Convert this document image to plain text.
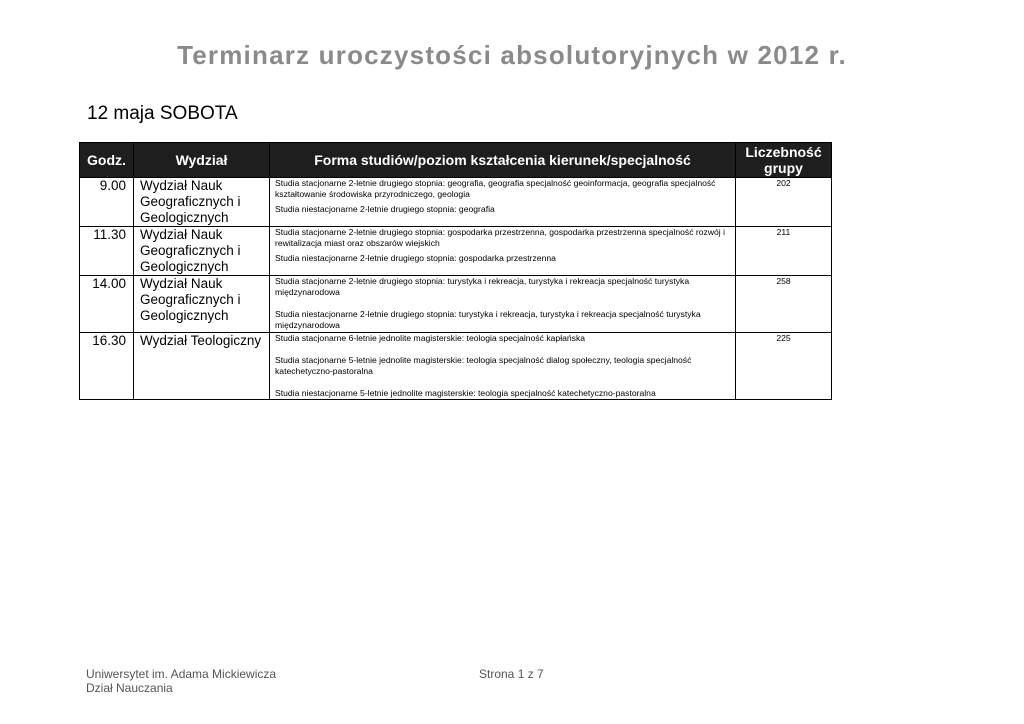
Terminarz uroczystości absolutoryjnych w 2012 r.
12 maja SOBOTA
Godz.	Wydział	Forma studiów/poziom kształcenia kierunek/specjalność	Liczebność grupy
9.00	Wydział Nauk Geograficznych i Geologicznych	Studia stacjonarne 2-letnie drugiego stopnia: geografia, geografia specjalność geoinformacja, geografia specjalność kształtowanie środowiska przyrodniczego, geologia
Studia niestacjonarne 2-letnie drugiego stopnia: geografia	202
11.30	Wydział Nauk Geograficznych i Geologicznych	Studia stacjonarne 2-letnie drugiego stopnia: gospodarka przestrzenna, gospodarka przestrzenna specjalność rozwój i rewitalizacja miast oraz obszarów wiejskich
Studia niestacjonarne 2-letnie drugiego stopnia: gospodarka przestrzenna	211
14.00	Wydział Nauk Geograficznych i Geologicznych	Studia stacjonarne 2-letnie drugiego stopnia: turystyka i rekreacja, turystyka i rekreacja specjalność turystyka międzynarodowa
Studia niestacjonarne 2-letnie drugiego stopnia: turystyka i rekreacja, turystyka i rekreacja specjalność turystyka międzynarodowa	258
16.30	Wydział Teologiczny	Studia stacjonarne 6-letnie jednolite magisterskie: teologia specjalność kapłańska
Studia stacjonarne 5-letnie jednolite magisterskie: teologia specjalność dialog społeczny, teologia specjalność katechetyczno-pastoralna
Studia niestacjonarne 5-letnie jednolite magisterskie: teologia specjalność katechetyczno-pastoralna	225
Uniwersytet im. Adama Mickiewicza
Dział Nauczania
Strona 1 z 7
